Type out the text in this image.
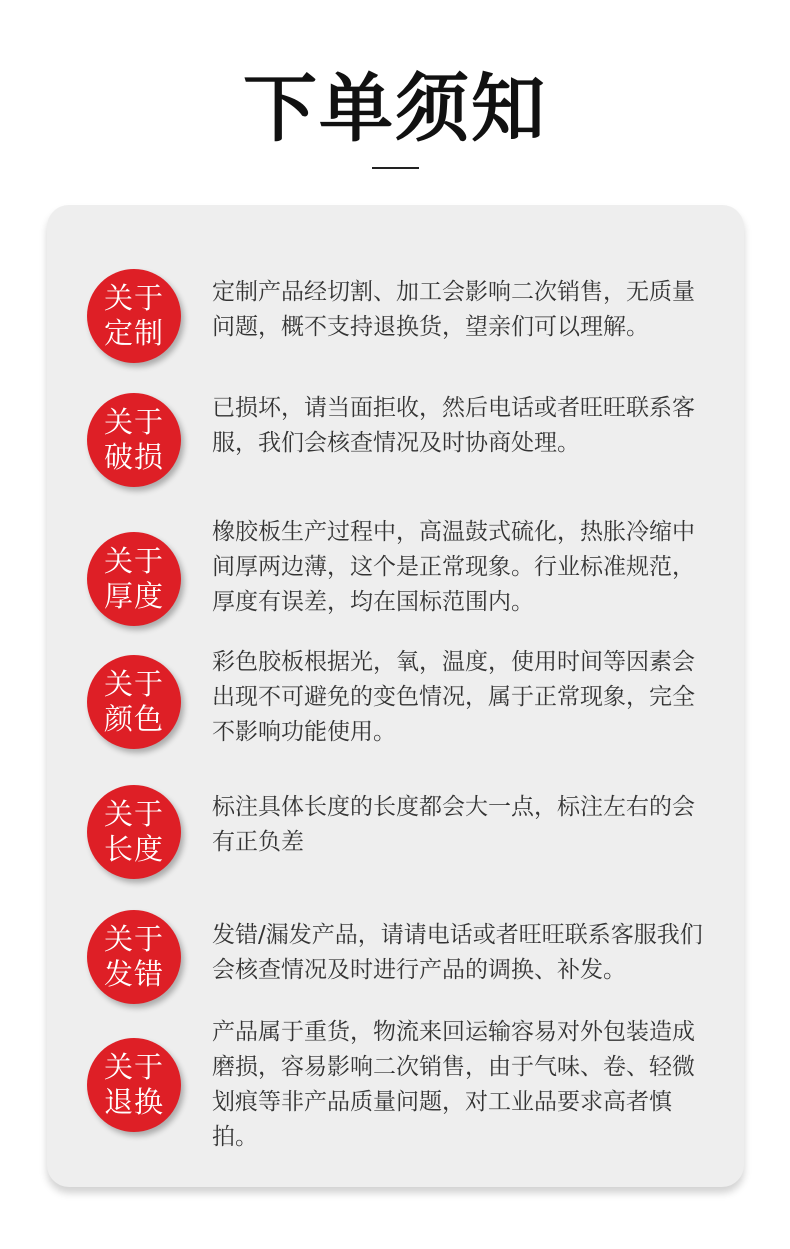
下单须知
关于
定制

定制产品经切割、加工会影响二次销售，无质量问题，概不支持退换货，望亲们可以理解。

关于
破损

已损坏，请当面拒收，然后电话或者旺旺联系客服，我们会核查情况及时协商处理。

关于
厚度

橡胶板生产过程中，高温鼓式硫化，热胀冷缩中间厚两边薄，这个是正常现象。行业标准规范，厚度有误差，均在国标范围内。

关于
颜色

彩色胶板根据光，氧，温度，使用时间等因素会出现不可避免的变色情况，属于正常现象，完全不影响功能使用。

关于
长度

标注具体长度的长度都会大一点，标注左右的会有正负差

关于
发错

发错/漏发产品，请请电话或者旺旺联系客服我们会核查情况及时进行产品的调换、补发。

关于
退换

产品属于重货，物流来回运输容易对外包装造成磨损，容易影响二次销售，由于气味、卷、轻微划痕等非产品质量问题，对工业品要求高者慎拍。
